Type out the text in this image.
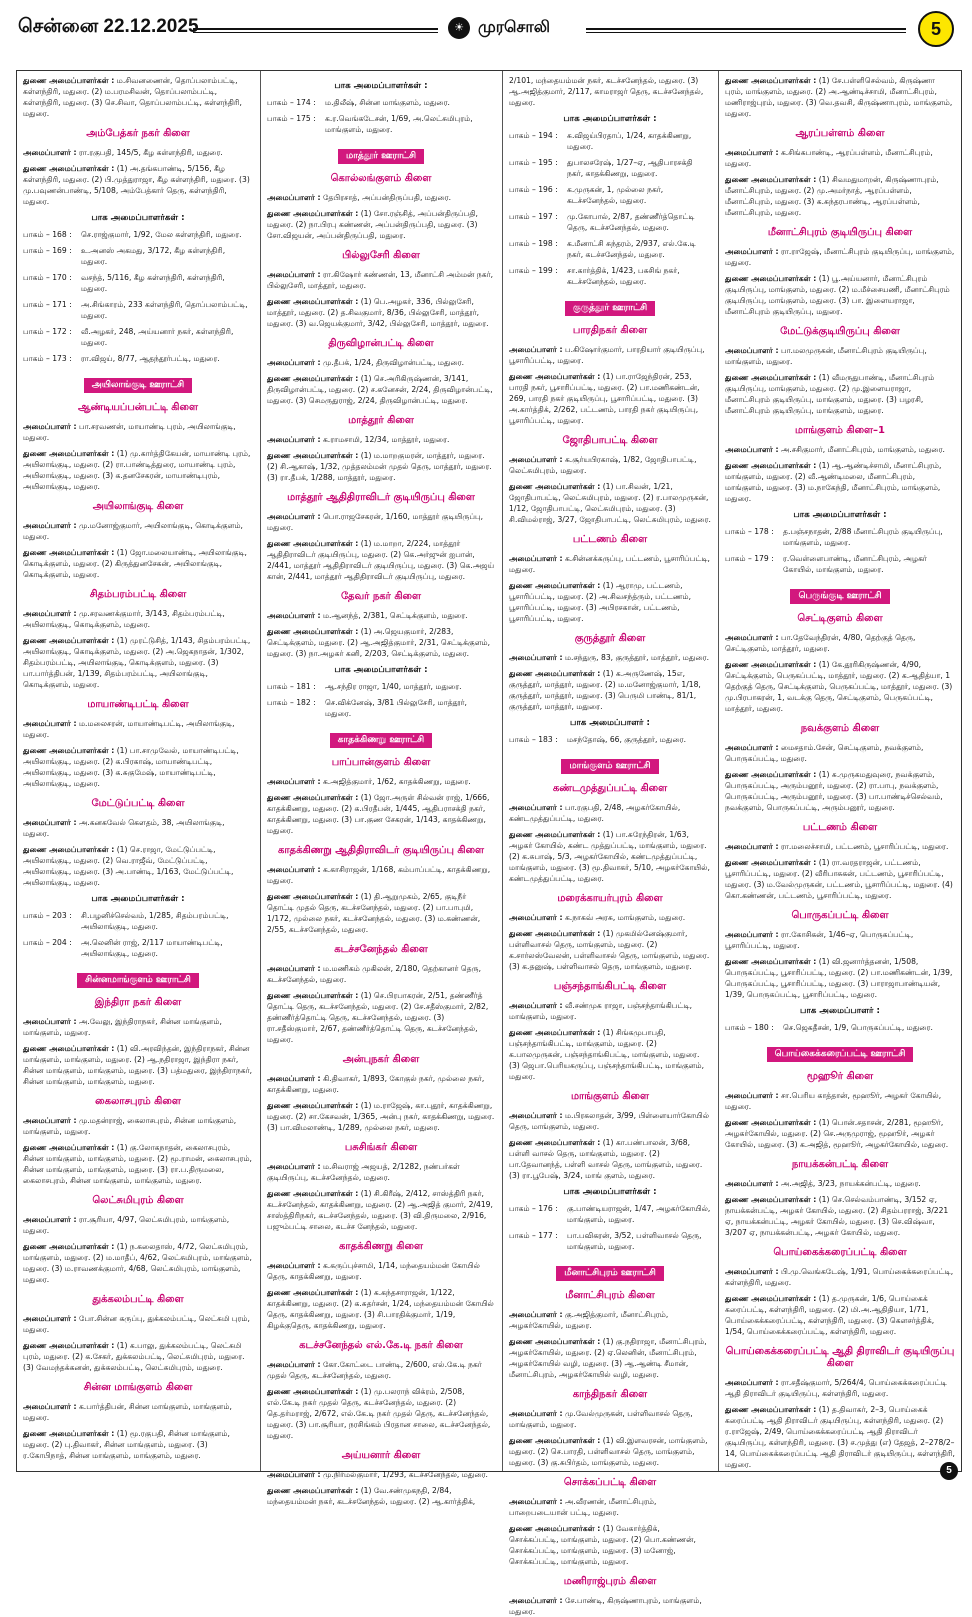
சென்னை 22.12.2025	☀ முரசொலி	5

துணை அமைப்பாளர்கள் : ம.சிவனணைன், தொப்பலாம்பட்டி, கள்ளந்திரி, மதுரை. (2) ம.பரமசிவன், தொப்பலாம்பட்டி, கள்ளந்திரி, மதுரை. (3) செ.சிவா, தொப்பலாம்பட்டி, கள்ளந்திரி, மதுரை.

அம்பேத்கர் நகர் கிளை

அமைப்பாளர் : ரா.ரகுபதி, 145/5, கீழ கள்ளந்திரி, மதுரை.

துணை அமைப்பாளர்கள் : (1) அ.தங்கபாண்டி, 5/156, கீழ கள்ளந்திரி, மதுரை. (2) பி.முத்துராஜா, கீழ கள்ளந்திரி, மதுரை. (3) மு.பவுணன்பாண்டி, 5/108, அம்பேத்கார் தெரு, கள்ளந்திரி, மதுரை.

பாக அமைப்பாளர்கள் :
பாகம் – 168 :	செ.ராஜ்குமார், 1/92, மேல கள்ளந்திரி, மதுரை.
பாகம் – 169 :	உ.அனஸ் அகமது, 3/172, கீழ கள்ளந்திரி, மதுரை.
பாகம் – 170 :	வசந்த், 5/116, கீழ கள்ளந்திரி, கள்ளந்திரி, மதுரை.
பாகம் – 171 :	அ.சிங்காரம், 233 கள்ளந்திரி, தொப்பலாம்பட்டி, மதுரை.
பாகம் – 172 :	வீ.அழகர், 248, அய்யனார் நகர், கள்ளந்திரி, மதுரை.
பாகம் – 173 :	ரா.விஜய், 8/77, ஆதந்தூர்பட்டி, மதுரை.
அயிலாங்குடி ஊராட்சி
ஆண்டியப்பன்பட்டி கிளை

அமைப்பாளர் : பா.சரவணன், மாயாண்டி புரம், அயிலாங்குடி, மதுரை.

துணை அமைப்பாளர்கள் : (1) மு.கார்த்திகேயன், மாயாண்டி புரம், அயிலாங்குடி, மதுரை. (2) ரா.பாண்டித்துரை, மாயாண்டி புரம், அயிலாங்குடி, மதுரை. (3) க.தனசேகரன், மாயாண்டிபுரம், அயிலாங்குடி, மதுரை.

அயிலாங்குடி கிளை

அமைப்பாளர் : மு.மனோஜ்குமார், அயிலாங்குடி, கொடிக்குளம், மதுரை.

துணை அமைப்பாளர்கள் : (1) ஜோ.மலையாண்டி, அயிலாங்குடி, கொடிக்குளம், மதுரை. (2) கிருத்துனசேகன், அயிலாங்குடி, கொடிக்குளம், மதுரை.

சிதம்பரம்பட்டி கிளை

அமைப்பாளர் : மு.சரவணக்குமார், 3/143, சிதம்பரம்பட்டி, அயிலாங்குடி, கொடிக்குளம், மதுரை.

துணை அமைப்பாளர்கள் : (1) முரட்டுசித், 1/143, சிதம்பரம்பட்டி, அயிலாங்குடி, கொடிக்குளம், மதுரை. (2) அ.ஜெகநாதன், 1/302, சிதம்பரம்பட்டி, அயிலாங்குடி, கொடிக்குளம், மதுரை. (3) பா.பார்த்திபன், 1/139, சிதம்பரம்பட்டி, அயிலாங்குடி, கொடிக்குளம், மதுரை.

மாயாண்டிபட்டி கிளை

அமைப்பாளர் : ம.மலைசரன், மாயாண்டிபட்டி, அயிலாங்குடி, மதுரை.

துணை அமைப்பாளர்கள் : (1) பா.சாமுவேல், மாயாண்டிபட்டி, அயிலாங்குடி, மதுரை. (2) க.பிரகாஷ், மாயாண்டிபட்டி, அயிலாங்குடி, மதுரை. (3) க.சுகுமேஷ், மாயாண்டிபட்டி, அயிலாங்குடி, மதுரை.

மேட்டுப்பட்டி கிளை

அமைப்பாளர் : அ.கனகவேல் கௌதம், 38, அயிலாங்குடி, மதுரை.

துணை அமைப்பாளர்கள் : (1) செ.ராஜா, மேட்டுப்பட்டி, அயிலாங்குடி, மதுரை. (2) வெ.ராஜீவ், மேட்டுப்பட்டி, அயிலாங்குடி, மதுரை. (3) அ.பாண்டி, 1/163, மேட்டுப்பட்டி, அயிலாங்குடி, மதுரை.

பாக அமைப்பாளர்கள் :
பாகம் – 203 :	சி.பழனிச்செல்வம், 1/285, சிதம்பரம்பட்டி, அயிலாங்குடி, மதுரை.
பாகம் – 204 :	அ.லெனின் ராஜ், 2/117 மாயாண்டிபட்டி, அயிலாங்குடி, மதுரை.
சின்னமாங்குளம் ஊராட்சி
இந்திரா நகர் கிளை

அமைப்பாளர் : அ.வேலு, இந்திராநகர், சின்ன மாங்குளம், மாங்குளம், மதுரை.

துணை அமைப்பாளர்கள் : (1) வி.அரவிந்தன், இந்திராநகர், சின்ன மாங்குளம், மாங்குளம், மதுரை. (2) ஆ.நதிராஜா, இந்திரா நகர், சின்ன மாங்குளம், மாங்குளம், மதுரை. (3) பத்மதுரை, இந்திராநகர், சின்ன மாங்குளம், மாங்குளம், மதுரை.

கைலாசபுரம் கிளை

அமைப்பாளர் : மு.மதன்ராஜ், கைலாசபுரம், சின்ன மாங்குளம், மாங்குளம், மதுரை.

துணை அமைப்பாளர்கள் : (1) கு.லோகநாதன், கைலாசபுரம், சின்ன மாங்குளம், மாங்குளம், மதுரை. (2) மூ.ராமன், கைலாசபுரம், சின்ன மாங்குளம், மாங்குளம், மதுரை. (3) ரா.ப.திருமலை, கைலாசபுரம், சின்ன மாங்குளம், மாங்குளம், மதுரை.

லெட்சுமிபுரம் கிளை

அமைப்பாளர் : ரா.சூரியா, 4/97, லெட்சுமிபுரம், மாங்குளம், மதுரை.

துணை அமைப்பாளர்கள் : (1) ந.கலைதாஸ், 4/72, லெட்சுமிபுரம், மாங்குளம், மதுரை. (2) ம.மாதீப், 4/62, லெட்சுமிபுரம், மாங்குளம், மதுரை. (3) ம.ராவணக்குமார், 4/68, லெட்சுமிபுரம், மாங்குளம், மதுரை.

துக்கலம்பட்டி கிளை

அமைப்பாளர் : போ.சின்ன கருப்பு, துக்கலம்பட்டி, லெட்சுமி புரம், மதுரை.

துணை அமைப்பாளர்கள் : (1) க.பாலு, துக்கலம்பட்டி, லெட்சுமி புரம், மதுரை. (2) க.சேகர், துக்கலம்பட்டி, லெட்சுமிபுரம், மதுரை. (3) வேமந்தக்கனன், துக்கலம்பட்டி, லெட்சுமிபுரம், மதுரை.

சின்ன மாங்குளம் கிளை

அமைப்பாளர் : க.பார்த்திபன், சின்ன மாங்குளம், மாங்குளம், மதுரை.

துணை அமைப்பாளர்கள் : (1) மூ.ரகுபதி, சின்ன மாங்குளம், மதுரை. (2) பு.திவாகர், சின்ன மாங்குளம், மதுரை. (3) ர.கோபிநாத், சின்ன மாங்குளம், மாங்குளம், மதுரை.

பாக அமைப்பாளர்கள் :
பாகம் – 174 :	ம.திலீஷ், சின்ன மாங்குளம், மதுரை.
பாகம் – 175 :	க.ர.வெங்கடேசன், 1/69, அ.லெட்சுமிபுரம், மாங்குளம், மதுரை.
மாத்தூர் ஊராட்சி
கொல்லங்குளம் கிளை

அமைப்பாளர் : தேபிரசாத், அப்பன்திருப்பதி, மதுரை.

துணை அமைப்பாளர்கள் : (1) சோ.ரஞ்சித், அப்பன்திருப்பதி, மதுரை. (2) நா.பிரபு கண்ணன், அப்பன்திருப்பதி, மதுரை. (3) சோ.விஜயன், அப்பன்திருப்பதி, மதுரை.

பில்லுசேரி கிளை

அமைப்பாளர் : ரா.கிஷோர் கண்ணன், 13, மீனாட்சி அம்மன் நகர், பில்லுசேரி, மாத்தூர், மதுரை.

துணை அமைப்பாளர்கள் : (1) பெ.அழகர், 336, பில்லுசேரி, மாத்தூர், மதுரை. (2) த.சிவகுமார், 8/36, பில்லுசேரி, மாத்தூர், மதுரை. (3) வ.ஜெயக்குமார், 3/42, பில்லுசேரி, மாத்தூர், மதுரை.

திருவிழான்பட்டி கிளை

அமைப்பாளர் : மு.தீபக், 1/24, திருவிழான்பட்டி, மதுரை.

துணை அமைப்பாளர்கள் : (1) செ.அரிகிருஷ்ணன், 3/141, திருவிழான்பட்டி, மதுரை. (2) ச.கனேசன், 2/24, திருவிழான்பட்டி, மதுரை. (3) செமருதுராஜ், 2/24, திருவிழான்பட்டி, மதுரை.

மாத்தூர் கிளை

அமைப்பாளர் : க.ராமசாமி, 12/34, மாத்தூர், மதுரை.

துணை அமைப்பாளர்கள் : (1) ம.மாறகுமரன், மாத்தூர், மதுரை. (2) சி.ஆகாஷ், 1/32, முத்தலம்மன் முதல் தெரு, மாத்தூர், மதுரை. (3) ரா.தீபக், 1/288, மாத்தூர், மதுரை.

மாத்தூர் ஆதிதிராவிடர் குடியிருப்பு கிளை

அமைப்பாளர் : பொ.ராஜசேகரன், 1/160, மாத்தூர் குடியிருப்பு, மதுரை.

துணை அமைப்பாளர்கள் : (1) ம.மாறா, 2/224, மாத்தூர் ஆதிதிராவிடர் குடியிருப்பு, மதுரை. (2) கெ.அர்ஜுன் ஐபான், 2/441, மாத்தூர் ஆதிதிராவிடர் குடியிருப்பு, மதுரை. (3) கெ.அஜய் கான், 2/441, மாத்தூர் ஆதிதிராவிடர் குடியிருப்பு, மதுரை.

தேவர் நகர் கிளை

அமைப்பாளர் : ம.ஆனந்த், 2/381, செட்டிக்குளம், மதுரை.

துணை அமைப்பாளர்கள் : (1) அ.ஜெயகுமார், 2/283, செட்டிக்குளம், மதுரை. (2) ஆ.அஜித்குமார், 2/31, செட்டிக்குளம், மதுரை. (3) நா.அழகர் கனி, 2/203, செட்டிக்குளம், மதுரை.

பாக அமைப்பாளர்கள் :
பாகம் – 181 :	ஆ.சந்திர ராஜா, 1/40, மாத்தூர், மதுரை.
பாகம் – 182 :	செ.விக்னேஷ், 3/81 பில்லுசேரி, மாத்தூர், மதுரை.
காதக்கிணறு ஊராட்சி
பாப்பான்குளம் கிளை

அமைப்பாளர் : க.அஜித்குமார், 1/62, காதக்கிணறு, மதுரை.

துணை அமைப்பாளர்கள் : (1) ஜோ.அருள் சில்வன் ராஜ், 1/666, காதக்கிணறு, மதுரை. (2) க.பிரதீபன், 1/445, ஆதிபராசக்தி நகர், காதக்கிணறு, மதுரை. (3) பா.குண சேகரன், 1/143, காதக்கிணறு, மதுரை.

காதக்கிணறு ஆதிதிராவிடர் குடியிருப்பு கிளை

அமைப்பாளர் : க.காசிராஜன், 1/168, கம்பாப்பட்டி, காதக்கிணறு, மதுரை.

துணை அமைப்பாளர்கள் : (1) தி.ஆறுமுகம், 2/65, குடிநீர் தொட்டி முதல் தெரு, கடச்சனேந்தல், மதுரை. (2) பா.பாபுமி, 1/172, முல்லை நகர், கடச்சனேந்தல், மதுரை. (3) ம.கண்ணன், 2/55, கடச்சனேந்தல், மதுரை.

கடச்சனேந்தல் கிளை

அமைப்பாளர் : ம.மணிகம் முகிலன், 2/180, தெற்கானர் தெரு, கடச்சனேந்தல், மதுரை.

துணை அமைப்பாளர்கள் : (1) செ.பிரபாகரன், 2/51, தண்ணீர்த் தொட்டி தெரு, கடச்சனேந்தல், மதுரை. (2) சே.சதீஸ்குமார், 2/82, தண்ணீர்த்தொட்டி தெரு, கடச்சனேந்தல், மதுரை. (3) ரா.சதீஸ்குமார், 2/67, தண்ணீர்த்தொட்டி தெரு, கடச்சனேந்தல், மதுரை.

அன்புநகர் கிளை

அமைப்பாளர் : கி.திவாகர், 1/893, கோகுல் நகர், முல்லை நகர், காதக்கிணறு, மதுரை.

துணை அமைப்பாளர்கள் : (1) ம.ராஜேஷ், கா.புதூர், காதக்கிணறு, மதுரை. (2) சா.கேசவன், 1/365, அன்பு நகர், காதக்கிணறு, மதுரை. (3) பா.விமலாண்டி, 1/289, முல்லை நகர், மதுரை.

பசுசிங்கர் கிளை

அமைப்பாளர் : ம.சிவராஜ் அஜயத், 2/1282, நண்பர்கள் குடியிருப்பு, கடச்சனேந்தல், மதுரை.

துணை அமைப்பாளர்கள் : (1) சி.கிரீஷ், 2/412, சாஸ்த்திரி நகர், கடச்சனேந்தல், காதக்கிணறு, மதுரை. (2) ஆ.அஜித் குமார், 2/419, சாஸ்த்திரிநகர், கடச்சனேந்தல், மதுரை. (3) வி.திருமலை, 2/916, பஜும்பட்டி சாலை, கடச்ச னேந்தல், மதுரை.

காதக்கிணறு கிளை

அமைப்பாளர் : க.கருப்புச்சாமி, 1/14, மந்தையம்மன் கோயில் தெரு, காதக்கிணறு, மதுரை.

துணை அமைப்பாளர்கள் : (1) க.கந்தசாராஜன், 1/122, காதக்கிணறு, மதுரை. (2) க.சுதர்சன், 1/24, மந்தையம்மன் கோயில் தெரு, காதக்கிணறு, மதுரை. (3) சி.பாரதிக்குமார், 1/19, கிழக்குதெரு, காதக்கிணறு, மதுரை.

கடச்சனேந்தல் எல்.கே.டி நகர் கிளை

அமைப்பாளர் : கோ.கோட்டை பாண்டி, 2/600, எல்.கே.டி நகர் முதல் தெரு, கடச்சனேந்தல், மதுரை.

துணை அமைப்பாளர்கள் : (1) மு.பலராந் விக்ரம், 2/508, எல்.கே.டி நகர் முதல் தெரு, கடச்சனேந்தல், மதுரை. (2) தெ.தர்மராஜ், 2/672, எல்.கே.டி நகர் முதல் தெரு, கடச்சனேந்தல், மதுரை. (3) பா.சூரியா, நரசிங்கம் பிரதான சாலை, கடச்சனேந்தல், மதுரை.

அய்யனார் கிளை

அமைப்பாளர் : மு.நிர்மல்குமார், 1/293, கடச்சனேந்தல், மதுரை.

துணை அமைப்பாளர்கள் : (1) வே.சண்முகநதி, 2/84, மந்தையம்மன் நகர், கடச்சனேந்தல், மதுரை. (2) ஆ.கார்த்திக்,

2/101, மந்தையம்மன் நகர், கடச்சனேந்தல், மதுரை. (3) ஆ.அஜித்குமார், 2/117, காமராஜர் தெரு, கடச்சனேந்தல், மதுரை.

பாக அமைப்பாளர்கள் :
பாகம் – 194 :	சு.விஜய்பிரதாப், 1/24, காதக்கிணறு, மதுரை.
பாகம் – 195 :	துபாலசரேஷ், 1/27–ஏ, ஆதிபாரசக்தி நகர், காதக்கிணறு, மதுரை.
பாகம் – 196 :	க.முருகன், 1, முல்லை நகர், கடச்சனேந்தல், மதுரை.
பாகம் – 197 :	மு.கோபால், 2/87, தண்ணீர்த்தொட்டி தெரு, கடச்சனேந்தல், மதுரை.
பாகம் – 198 :	க.மீனாட்சி சுந்தரம், 2/937, எல்.கே.டி நகர், கடச்சனேந்தல், மதுரை.
பாகம் – 199 :	சா.கார்த்திக், 1/423, பசுசிங் நகர், கடச்சனேந்தல், மதுரை.
குருத்தூர் ஊராட்சி
பாரதிநகர் கிளை

அமைப்பாளர் : ப.கிஷோர்குமார், பாரதியார் குடியிருப்பு, பூசாரிப்பட்டி, மதுரை.

துணை அமைப்பாளர்கள் : (1) பா.ராஜேந்திரன், 253, பாரதி நகர், பூசாரிப்பட்டி, மதுரை. (2) பா.மணிகண்டன், 269, பாரதி நகர் குடியிருப்பு, பூசாரிப்பட்டி, மதுரை. (3) அ.கார்த்திக், 2/262, பட்டணம், பாரதி நகர் குடியிருப்பு, பூசாரிப்பட்டி, மதுரை.

ஜோதிபாபட்டி கிளை

அமைப்பாளர் : க.சூர்யபிரகாஷ், 1/82, ஜோதிபாபட்டி, லெட்சுமிபுரம், மதுரை.

துணை அமைப்பாளர்கள் : (1) பா.சிவன், 1/21, ஜோதிபாபட்டி, லெட்சுமிபுரம், மதுரை. (2) ர.பாலமுருகன், 1/12, ஜோதிபாபட்டி, லெட்சுமிபுரம், மதுரை. (3) சி.விமல்ராஜ், 3/27, ஜோதிபாபட்டி, லெட்சுமிபுரம், மதுரை.

பட்டணம் கிளை

அமைப்பாளர் : க.சின்னக்கருப்பு, பட்டணம், பூசாரிப்பட்டி, மதுரை.

துணை அமைப்பாளர்கள் : (1) ஆராமு, பட்டணம், பூசாரிப்பட்டி, மதுரை. (2) அ.சிவசந்த்ரும், பட்டணம், பூசாரிப்பட்டி, மதுரை. (3) அபிரசகான், பட்டணம், பூசாரிப்பட்டி, மதுரை.

குருத்தூர் கிளை

அமைப்பாளர் : ம.சந்துரு, 83, குருத்தூர், மாத்தூர், மதுரை.

துணை அமைப்பாளர்கள் : (1) க.அருணேஷ், 15எ, குருத்தூர், மாத்தூர், மதுரை. (2) ம.மனோஜ்குமார், 1/18, குருத்தூர், மாத்தூர், மதுரை. (3) பெருமி பாண்டி, 81/1, குருத்தூர், மாத்தூர், மதுரை.

பாக அமைப்பாளர் :
பாகம் – 183 :	மசந்தோஷ், 66, குருத்தூர், மதுரை.
மாங்குளம் ஊராட்சி
கண்டமுத்துப்பட்டி கிளை

அமைப்பாளர் : பா.ரகுபதி, 2/48, அழகர்கோயில், கண்டமுத்துப்பட்டி, மதுரை.

துணை அமைப்பாளர்கள் : (1) பா.சுரேந்திரன், 1/63, அழகர் கோயில், கண்ட முத்துப்பட்டி, மாங்குளம், மதுரை. (2) க.சுபாஷ், 5/3, அழகர்கோயில், கண்டமுத்துப்பட்டி, மாங்குளம், மதுரை. (3) மூ.திவாகர், 5/10, அழகர்கோயில், கண்டமுத்துப்பட்டி, மதுரை.

மரைக்காயர்புரம் கிளை

அமைப்பாளர் : க.நாகவ் அரசு, மாங்குளம், மதுரை.

துணை அமைப்பாளர்கள் : (1) முகமில்னேஷ்குமார், பள்ளிவாசல் தெரு, மாங்குளம், மதுரை. (2) க.சார்லஸ்வேலன், பள்ளிவாசல் தெரு, மாங்குளம், மதுரை. (3) க.தனுஷ், பள்ளிவாசல் தெரு, மாங்குளம், மதுரை.

பஞ்சந்தாங்கிபட்டி கிளை

அமைப்பாளர் : வீ.சண்முக ராஜா, பஞ்சந்தாங்கிபட்டி, மாங்குளம், மதுரை.

துணை அமைப்பாளர்கள் : (1) சிங்கமுபாபதி, பஞ்சந்தாங்கிபட்டி, மாங்குளம், மதுரை. (2) க.பாலமுருகன், பஞ்சந்தாங்கிபட்டி, மாங்குளம், மதுரை. (3) ஜெபா.பெரியகருப்பு, பஞ்சந்தாங்கிபட்டி, மாங்குளம், மதுரை.

மாங்குளம் கிளை

அமைப்பாளர் : ம.பிரகலாதன், 3/99, பிள்ளையார்கோயில் தெரு, மாங்குளம், மதுரை.

துணை அமைப்பாளர்கள் : (1) கா.பண்பாலன், 3/68, பள்ளி வாசல் தெரு, மாங்குளம், மதுரை. (2) பா.தேவானந்த், பள்ளி வாசல் தெரு, மாங்குளம், மதுரை. (3) ரா.பூபேஷ், 3/24, மாங் குளம், மதுரை.

பாக அமைப்பாளர்கள் :
பாகம் – 176 :	கு.பாண்டியராஜன், 1/47, அழகர்கோயில், மாங்குளம், மதுரை.
பாகம் – 177 :	பா.பவிகரன், 3/52, பள்ளிவாசல் தெரு, மாங்குளம், மதுரை.
மீனாட்சிபுரம் ஊராட்சி
மீனாட்சிபுரம் கிளை

அமைப்பாளர் : கு.அஜித்குமார், மீனாட்சிபுரம், அழகர்கோயில், மதுரை.

துணை அமைப்பாளர்கள் : (1) கு.நதிராஜா, மீனாட்சிபுரம், அழகர்கோயில், மதுரை. (2) ஏ.லெனின், மீனாட்சிபுரம், அழகர்கோயில் வழி, மதுரை. (3) ஆ.ஆண்டி சீமான், மீனாட்சிபுரம், அழகர்கோயில் வழி, மதுரை.

காந்திநகர் கிளை

அமைப்பாளர் : மு.வேல்முருகன், பள்ளிவாசல் தெரு, மாங்குளம், மதுரை.

துணை அமைப்பாளர்கள் : (1) வி.இளவரசன், மாங்குளம், மதுரை. (2) செ.பாரதி, பள்ளிவாசல் தெரு, மாங்குளம், மதுரை. (3) கு.சுபிர்தம், மாங்குளம், மதுரை.

சொக்கப்பட்டி கிளை

அமைப்பாளர் : அ.வீரணன், மீனாட்சிபுரம், பாறைபடையான் பட்டி, மதுரை.

துணை அமைப்பாளர்கள் : (1) வேகார்த்திக், சொக்கப்பட்டி, மாங்குளம், மதுரை. (2) பொ.கண்ணன், சொக்கப்பட்டி, மாங்குளம், மதுரை. (3) மனோஜ், சொக்கப்பட்டி, மாங்குளம், மதுரை.

மணிராஜ்புரம் கிளை

அமைப்பாளர் : சே.பாண்டி, கிருஷ்ணாபுரம், மாங்குளம், மதுரை.

துணை அமைப்பாளர்கள் : (1) சே.பள்ளிசெல்வம், கிருஷ்ணா புரம், மாங்குளம், மதுரை. (2) அ.ஆண்டிச்சாமி, மீனாட்சிபுரம், மணிராஜ்புரம், மதுரை. (3) வெ.தவசி, கிருஷ்ணாபுரம், மாங்குளம், மதுரை.

ஆரப்பள்ளம் கிளை

அமைப்பாளர் : க.சிங்கபாண்டி, ஆரப்பள்ளம், மீனாட்சிபுரம், மதுரை.

துணை அமைப்பாளர்கள் : (1) சிவமதுமாறன், கிருஷ்ணாபுரம், மீனாட்சிபுரம், மதுரை. (2) மு.அமர்நாத், ஆரப்பள்ளம், மீனாட்சிபுரம், மதுரை. (3) க.சுந்தரபாண்டி, ஆரப்பள்ளம், மீனாட்சிபுரம், மதுரை.

மீனாட்சிபுரம் குடியிருப்பு கிளை

அமைப்பாளர் : ரா.ராஜேஷ், மீனாட்சிபுரம் குடியிருப்பு, மாங்குளம், மதுரை.

துணை அமைப்பாளர்கள் : (1) பூ.அய்யனார், மீனாட்சிபுரம் குடியிருப்பு, மாங்குளம், மதுரை. (2) ம.மீச்சையணி, மீனாட்சிபுரம் குடியிருப்பு, மாங்குளம், மதுரை. (3) பா. இளையராஜா, மீனாட்சிபுரம் குடியிருப்பு, மதுரை.

மேட்டுக்குடியிருப்பு கிளை

அமைப்பாளர் : பா.மலமுருகன், மீனாட்சிபுரம் குடியிருப்பு, மாங்குளம், மதுரை.

துணை அமைப்பாளர்கள் : (1) வீமருதுபாண்டி, மீனாட்சிபுரம் குடியிருப்பு, மாங்குளம், மதுரை. (2) மு.இளையராஜா, மீனாட்சிபுரம் குடியிருப்பு, மாங்குளம், மதுரை. (3) பழரசி, மீனாட்சிபுரம் குடியிருப்பு, மாங்குளம், மதுரை.

மாங்குளம் கிளை–1

அமைப்பாளர் : அ.சசிகுமார், மீனாட்சிபுரம், மாங்குளம், மதுரை.

துணை அமைப்பாளர்கள் : (1) ஆ.ஆண்டிச்சாமி, மீனாட்சிபுரம், மாங்குளம், மதுரை. (2) வீ.ஆண்டிமலை, மீனாட்சிபுரம், மாங்குளம், மதுரை. (3) ம.நாகேந்தி, மீனாட்சிபுரம், மாங்குளம், மதுரை.

பாக அமைப்பாளர்கள் :
பாகம் – 178 :	த.பஞ்சநாதன், 2/88 மீனாட்சிபுரம் குடியிருப்பு, மாங்குளம், மதுரை.
பாகம் – 179 :	ர.வெள்ளைபாண்டி, மீனாட்சிபுரம், அழகர் கோயில், மாங்குளம், மதுரை.
பெருங்குடி ஊராட்சி
செட்டிகுளம் கிளை

அமைப்பாளர் : பா.தேவேந்திரன், 4/80, தெற்குத் தெரு, செட்டிகுளம், மாத்தூர், மதுரை.

துணை அமைப்பாளர்கள் : (1) கே.தூரிகிருஷ்ணன், 4/90, செட்டிக்குளம், பெருகப்பட்டி, மாத்தூர், மதுரை. (2) க.ஆதித்யா, 1 தெற்குத் தெரு, செட்டிக்குளம், பெருகப்பட்டி, மாத்தூர், மதுரை. (3) மு.பிரபாகரன், 1, வடக்கு தெரு, செட்டிகுளம், பெருகப்பட்டி, மாத்தூர், மதுரை.

நவக்குளம் கிளை

அமைப்பாளர் : மைசதாம்.சேன், செட்டிகுளம், நவக்குளம், பொருகப்பட்டி, மதுரை.

துணை அமைப்பாளர்கள் : (1) சு.முருகமதுவுரை, நவக்குளம், பொருகப்பட்டி, அரும்பனூர், மதுரை. (2) ரா.பாபு, நவக்குளம், பொருகப்பட்டி, அரும்பனூர், மதுரை. (3) பா.பாண்டிச்செல்வம், நவக்குளம், பொருகப்பட்டி, அரும்பனூர், மதுரை.

பட்டணம் கிளை

அமைப்பாளர் : ரா.மலைச்சாமி, பட்டணம், பூசாரிப்பட்டி, மதுரை.

துணை அமைப்பாளர்கள் : (1) ரா.வரதராஜன், பட்டணம், பூசாரிப்பட்டி, மதுரை. (2) வீரிபாசுகன், பட்டணம், பூசாரிப்பட்டி, மதுரை. (3) ம.வேல்முருகன், பட்டணம், பூசாரிப்பட்டி, மதுரை. (4) கொ.கண்ணன், பட்டணம், பூசாரிப்பட்டி, மதுரை.

பொருகப்பட்டி கிளை

அமைப்பாளர் : ரா.கோசிகன், 1/46–ஏ, பொருகப்பட்டி, பூசாரிப்பட்டி, மதுரை.

துணை அமைப்பாளர்கள் : (1) வி.ஜனார்த்தனன், 1/508, பொருகப்பட்டி, பூசாரிப்பட்டி, மதுரை. (2) பா.மணிகண்டன், 1/39, பொருகப்பட்டி, பூசாரிப்பட்டி, மதுரை. (3) பாராஜாபாண்டியன், 1/39, பொருகப்பட்டி, பூசாரிப்பட்டி, மதுரை.

பாக அமைப்பாளர் :
பாகம் – 180 :	செ.ஜெகதீசன், 1/9, பொருகப்பட்டி, மதுரை.
பொய்கைக்கரைப்பட்டி ஊராட்சி
மூஹூர் கிளை

அமைப்பாளர் : சா.பெரிய காத்தான், மூஹூர், அழகர் கோயில், மதுரை.

துணை அமைப்பாளர்கள் : (1) பொன்.சதாசன், 2/281, மூஹூர், அழகர்கோயில், மதுரை. (2) செ.அருமுராஜ், மூஹூர், அழகர் கோயில், மதுரை. (3) க.அஜித், மூஹூர், அழகர்கோயில், மதுரை.

நாயக்கன்பட்டி கிளை

அமைப்பாளர் : அ.அஜித், 3/23, நாயக்கன்பட்டி, மதுரை.

துணை அமைப்பாளர்கள் : (1) செ.செல்வம்பாண்டி, 3/152 ஏ, நாயக்கன்பட்டி, அழகர் கோயில், மதுரை. (2) சிதம்பரராஜ், 3/221 ஏ, நாயக்கன்பட்டி, அழகர் கோயில், மதுரை. (3) செ.விஷ்வா, 3/207 ஏ, நாயக்கன்பட்டி, அழகர் கோயில், மதுரை.

பொய்கைக்கரைப்பட்டி கிளை

அமைப்பாளர் : பி.மு.வெங்கடேஷ், 1/91, பொய்கைக்கரைப்பட்டி, கள்ளந்திரி, மதுரை.

துணை அமைப்பாளர்கள் : (1) த.முருகன், 1/6, பொய்கைக் கரைப்பட்டி, கள்ளந்திரி, மதுரை. (2) மி.அ.ஆதிதியா, 1/71, பொய்கைக்கரைப்பட்டி, கள்ளந்திரி, மதுரை. (3) கௌசர்த்திக், 1/54, பொய்கைக்கரைப்பட்டி, கள்ளந்திரி, மதுரை.

பொய்கைக்கரைப்பட்டி ஆதி திராவிடர் குடியிருப்பு கிளை

அமைப்பாளர் : ரா.சதீஷ்குமார், 5/264/4, பொய்கைக்கரைப்பட்டி ஆதி திராவிடர் குடியிருப்பு, கள்ளந்திரி, மதுரை.

துணை அமைப்பாளர்கள் : (1) த.திவாகர், 2–3, பொய்கைக் கரைப்பட்டி ஆதி திராவிடர் குடியிருப்பு, கள்ளந்திரி, மதுரை. (2) ர.ராஜேஷ், 2/49, பொய்கைக்கரைப்பட்டி ஆதி திராவிடர் குடியிருப்பு, கள்ளந்திரி, மதுரை. (3) ச.முத்து (எ) தேஜத், 2–278/2–14, பொய்கைக்கரைப்பட்டி ஆதி திராவிடர் குடியிருப்பு, கள்ளந்திரி, மதுரை.

5
